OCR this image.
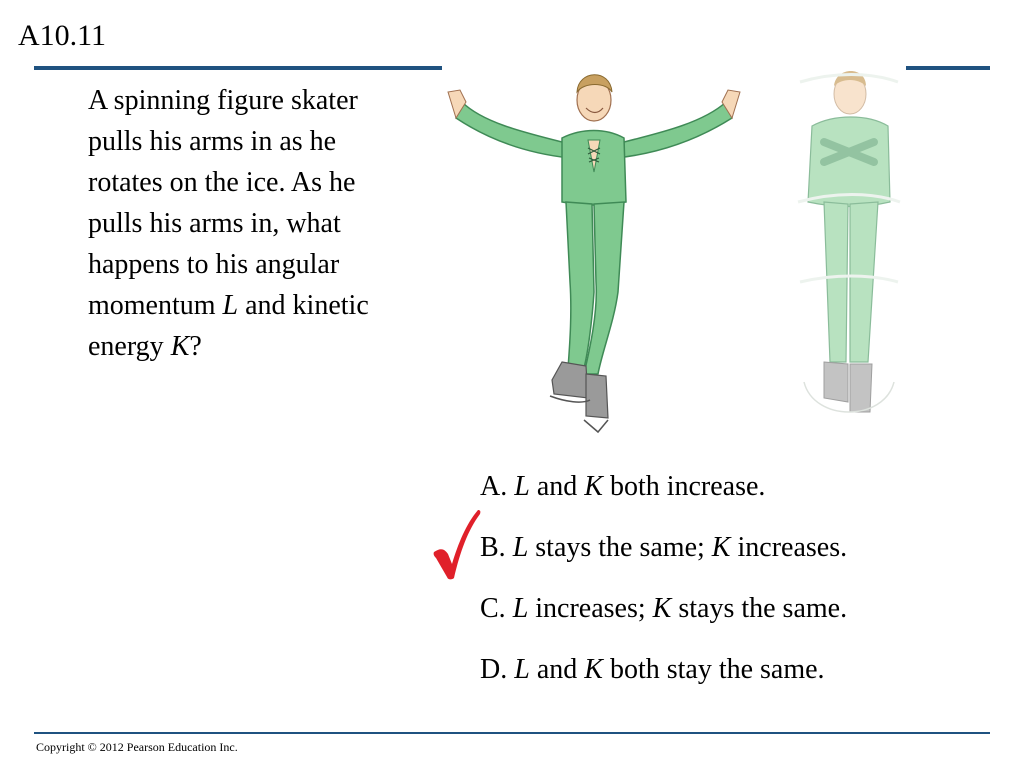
A10.11
A spinning figure skater pulls his arms in as he rotates on the ice. As he pulls his arms in, what happens to his angular momentum L and kinetic energy K?
A. L and K both increase.
B. L stays the same; K increases.
C. L increases; K stays the same.
D. L and K both stay the same.
Copyright © 2012 Pearson Education Inc.
